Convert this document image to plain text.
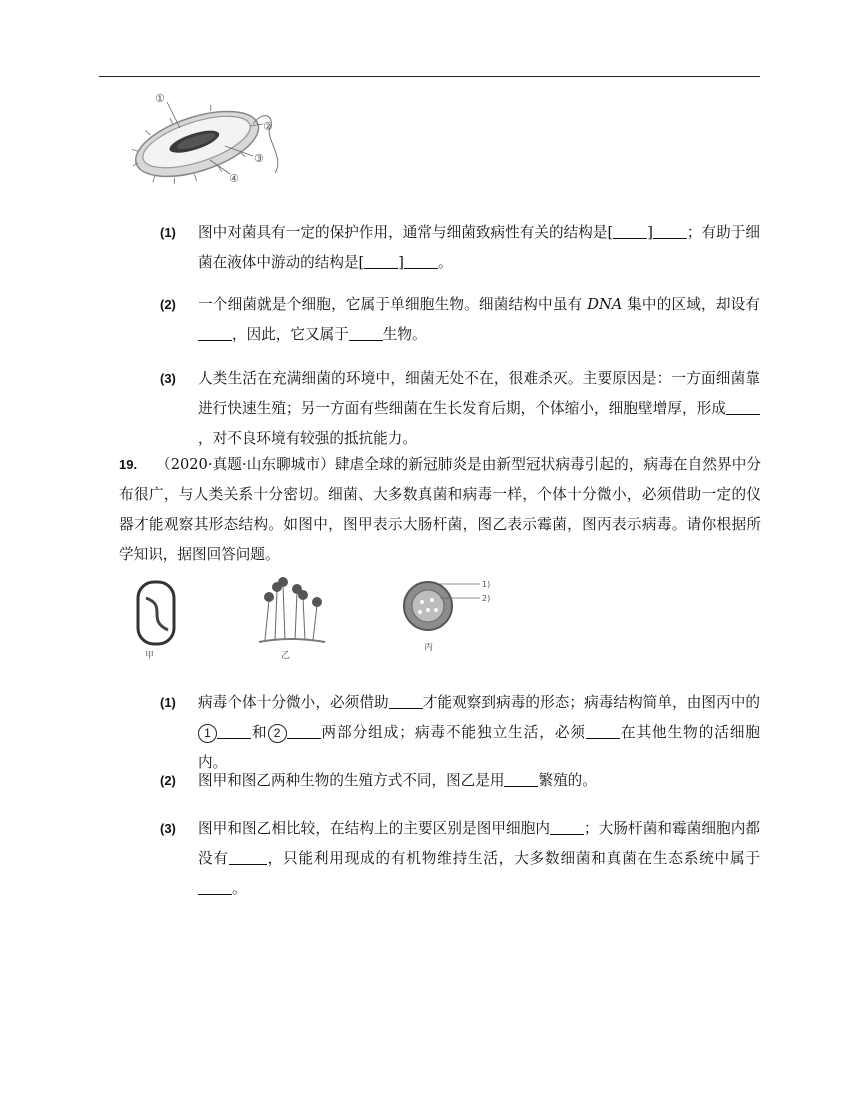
①
②
③
④
(1)	图中对菌具有一定的保护作用，通常与细菌致病性有关的结构是[ ] ；有助于细菌在液体中游动的结构是[ ] 。
(2)	一个细菌就是个细胞，它属于单细胞生物。细菌结构中虽有 DNA 集中的区域，却设有，因此，它又属于 生物。
(3)	人类生活在充满细菌的环境中，细菌无处不在，很难杀灭。主要原因是：一方面细菌靠进行快速生殖；另一方面有些细菌在生长发育后期，个体缩小，细胞壁增厚，形成，对不良环境有较强的抵抗能力。
19.	（2020·真题·山东聊城市）肆虐全球的新冠肺炎是由新型冠状病毒引起的，病毒在自然界中分布很广，与人类关系十分密切。细菌、大多数真菌和病毒一样，个体十分微小，必须借助一定的仪器才能观察其形态结构。如图中，图甲表示大肠杆菌，图乙表示霉菌，图丙表示病毒。请你根据所学知识，据图回答问题。
甲	乙
1)
2)
丙
(1)	病毒个体十分微小，必须借助 才能观察到病毒的形态；病毒结构简单，由图丙中的1	和 2	两部分组成；病毒不能独立生活，必须 在其他生物的活细胞内。
(2)	图甲和图乙两种生物的生殖方式不同，图乙是用 繁殖的。
(3)	图甲和图乙相比较，在结构上的主要区别是图甲细胞内 ；大肠杆菌和霉菌细胞内都没有	，只能利用现成的有机物维持生活，大多数细菌和真菌在生态系统中属于。
